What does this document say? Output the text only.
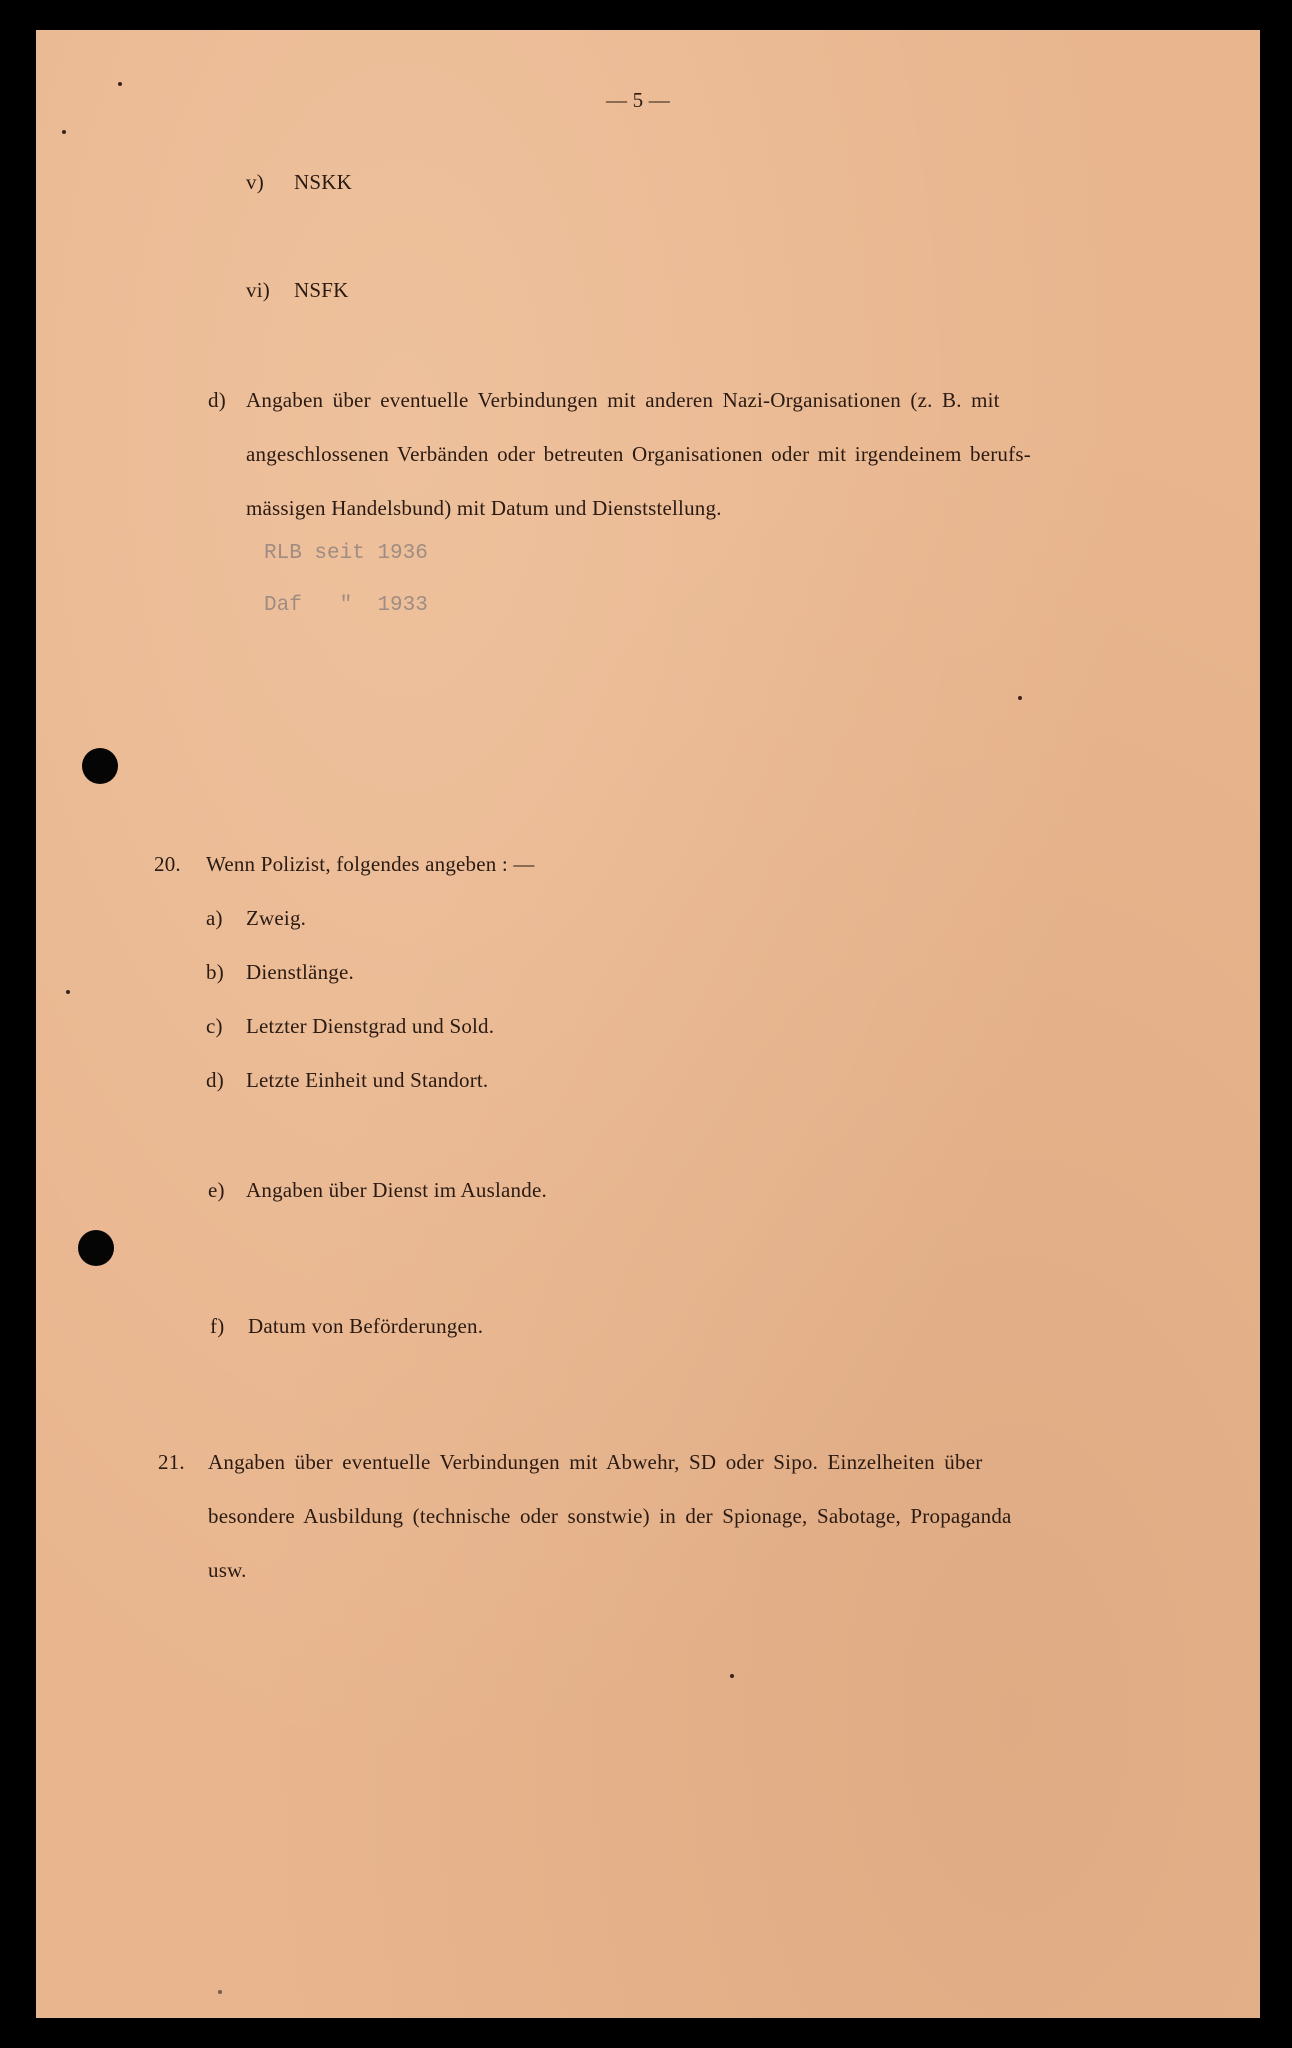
— 5 —
v) NSKK
vi) NSFK
d) Angaben über eventuelle Verbindungen mit anderen Nazi-Organisationen (z. B. mit
angeschlossenen Verbänden oder betreuten Organisationen oder mit irgendeinem berufs-
mässigen Handelsbund) mit Datum und Dienststellung.
RLB seit 1936
Daf " 1933
20. Wenn Polizist, folgendes angeben : —
a) Zweig.
b) Dienstlänge.
c) Letzter Dienstgrad und Sold.
d) Letzte Einheit und Standort.
e) Angaben über Dienst im Auslande.
f) Datum von Beförderungen.
21. Angaben über eventuelle Verbindungen mit Abwehr, SD oder Sipo. Einzelheiten über
besondere Ausbildung (technische oder sonstwie) in der Spionage, Sabotage, Propaganda
usw.
